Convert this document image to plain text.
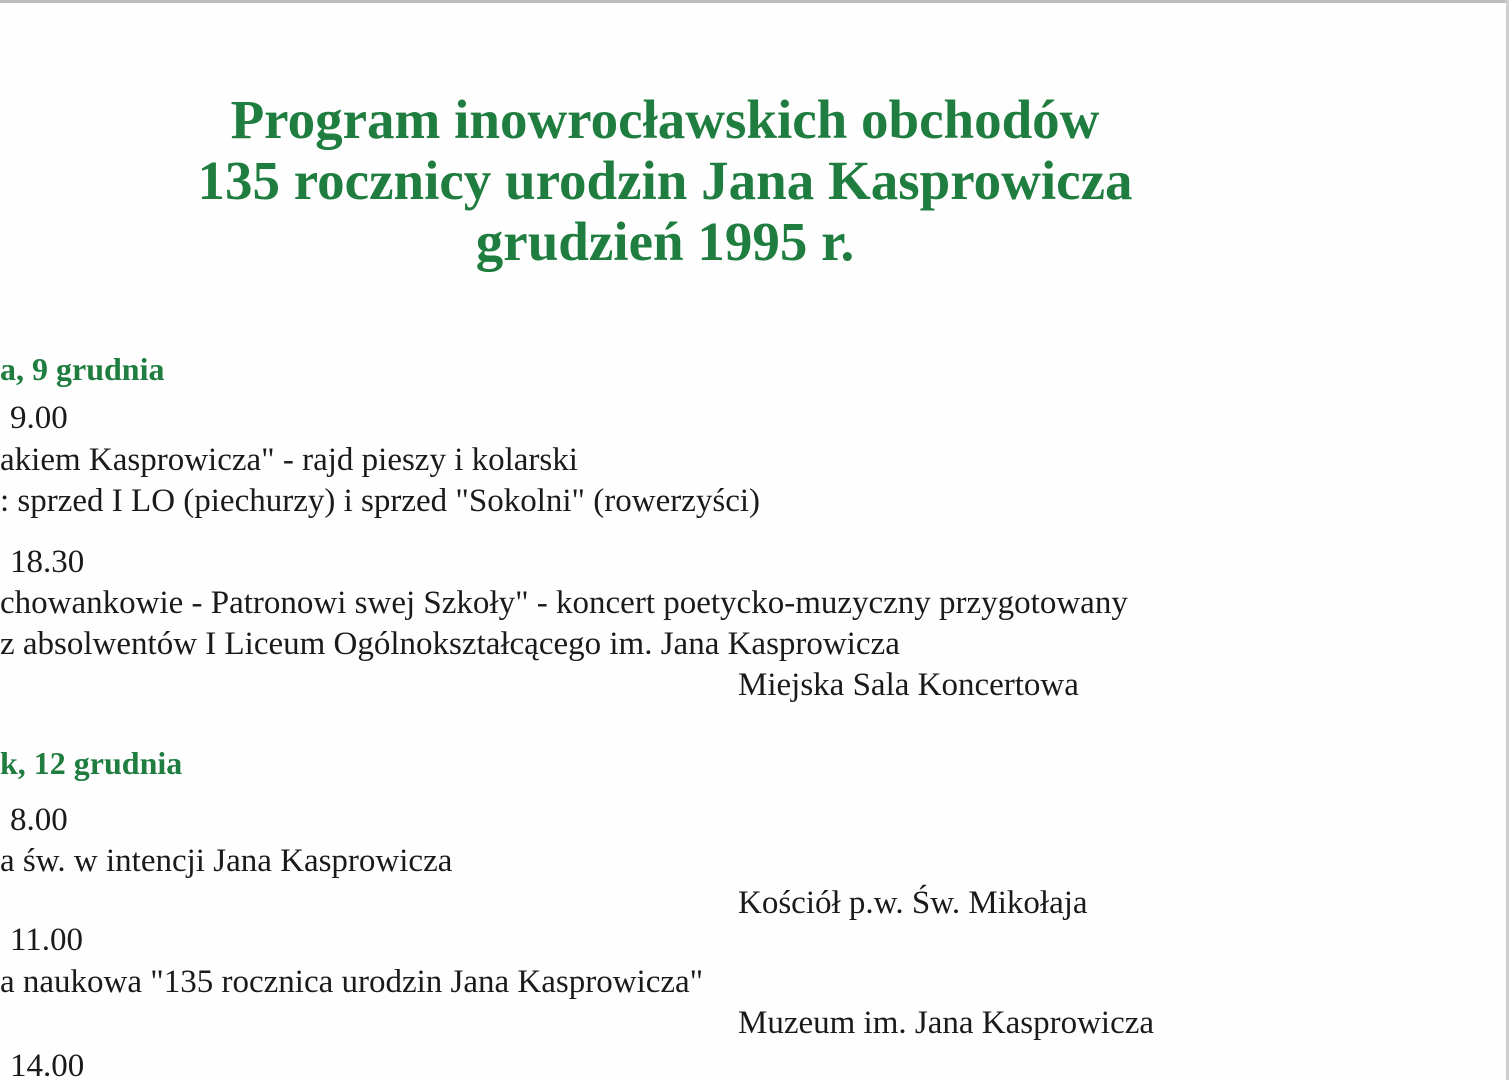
Program inowrocławskich obchodów
135 rocznicy urodzin Jana Kasprowicza
grudzień 1995 r.

a, 9 grudnia

9.00

akiem Kasprowicza" - rajd pieszy i kolarski

: sprzed I LO (piechurzy) i sprzed "Sokolni" (rowerzyści)

18.30

chowankowie - Patronowi swej Szkoły" - koncert poetycko-muzyczny przygotowany

z absolwentów I Liceum Ogólnokształcącego im. Jana Kasprowicza

Miejska Sala Koncertowa

k, 12 grudnia

8.00

a św. w intencji Jana Kasprowicza

Kościół p.w. Św. Mikołaja

11.00

a naukowa "135 rocznica urodzin Jana Kasprowicza"

Muzeum im. Jana Kasprowicza

14.00
